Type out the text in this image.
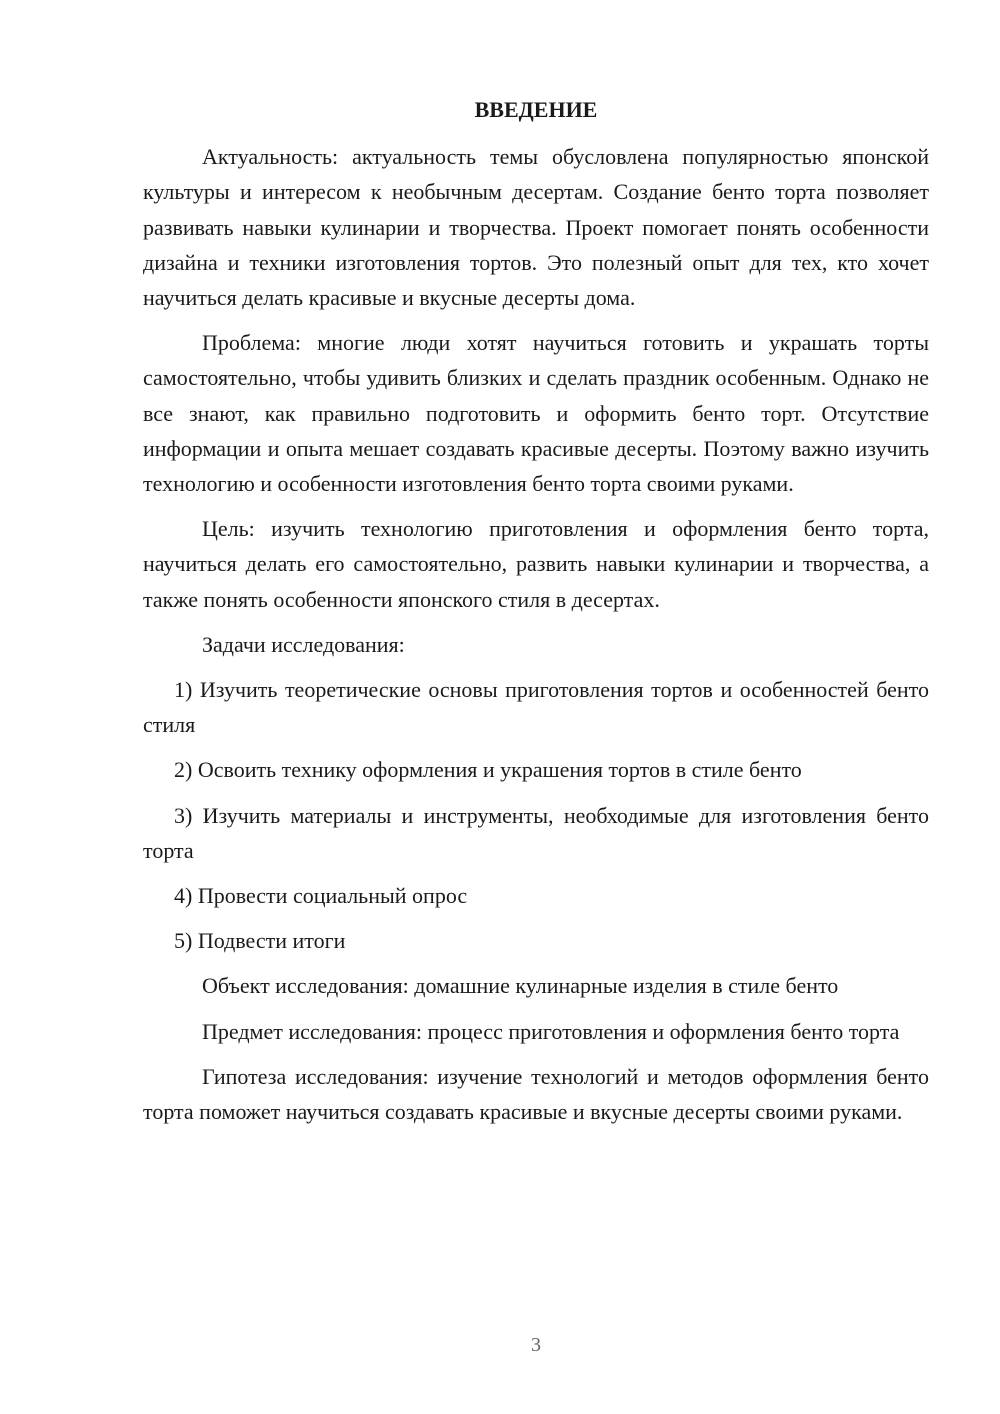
ВВЕДЕНИЕ

Актуальность: актуальность темы обусловлена популярностью японской культуры и интересом к необычным десертам. Создание бенто торта позволяет развивать навыки кулинарии и творчества. Проект помогает понять особенности дизайна и техники изготовления тортов. Это полезный опыт для тех, кто хочет научиться делать красивые и вкусные десерты дома.

Проблема: многие люди хотят научиться готовить и украшать торты самостоятельно, чтобы удивить близких и сделать праздник особенным. Однако не все знают, как правильно подготовить и оформить бенто торт. Отсутствие информации и опыта мешает создавать красивые десерты. Поэтому важно изучить технологию и особенности изготовления бенто торта своими руками.

Цель: изучить технологию приготовления и оформления бенто торта, научиться делать его самостоятельно, развить навыки кулинарии и творчества, а также понять особенности японского стиля в десертах.

Задачи исследования:

1) Изучить теоретические основы приготовления тортов и особенностей бенто стиля

2) Освоить технику оформления и украшения тортов в стиле бенто

3) Изучить материалы и инструменты, необходимые для изготовления бенто торта

4) Провести социальный опрос

5) Подвести итоги

Объект исследования: домашние кулинарные изделия в стиле бенто

Предмет исследования: процесс приготовления и оформления бенто торта

Гипотеза исследования: изучение технологий и методов оформления бенто торта поможет научиться создавать красивые и вкусные десерты своими руками.

3
